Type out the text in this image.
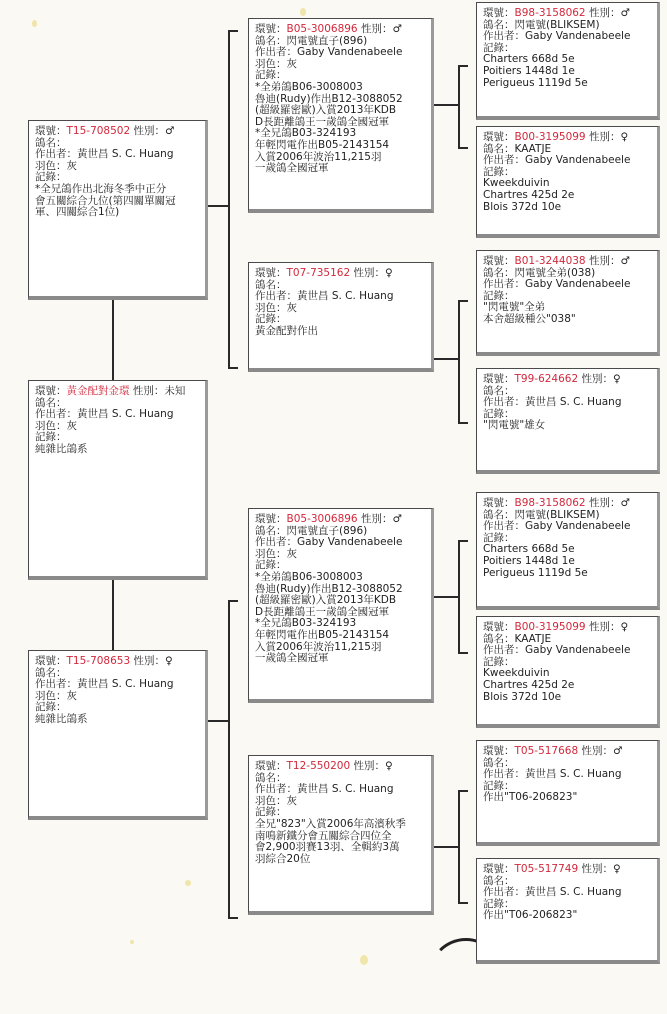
環號：T15-708502 性別：♂
鴿名：
作出者：黃世昌 S. C. Huang
羽色：灰
記錄：
*全兄鴿作出北海冬季中正分
會五關綜合九位(第四關單關冠
軍、四關綜合1位)
環號：黃金配對金環 性別：未知
鴿名：
作出者：黃世昌 S. C. Huang
羽色：灰
記錄：
純雜比鴿系
環號：T15-708653 性別：♀
鴿名：
作出者：黃世昌 S. C. Huang
羽色：灰
記錄：
純雜比鴿系
環號：B05-3006896 性別：♂
鴿名：閃電號直子(896)
作出者：Gaby Vandenabeele
羽色：灰
記錄：
*全弟鴿B06-3008003
魯迪(Rudy)作出B12-3088052
(超級羅密歐)入賞2013年KDB
D長距離鴿王一歲鴿全國冠軍
*全兄鴿B03-324193
年輕閃電作出B05-2143154
入賞2006年波治11,215羽
一歲鴿全國冠軍
環號：T07-735162 性別：♀
鴿名：
作出者：黃世昌 S. C. Huang
羽色：灰
記錄：
黃金配對作出
環號：B05-3006896 性別：♂
鴿名：閃電號直子(896)
作出者：Gaby Vandenabeele
羽色：灰
記錄：
*全弟鴿B06-3008003
魯迪(Rudy)作出B12-3088052
(超級羅密歐)入賞2013年KDB
D長距離鴿王一歲鴿全國冠軍
*全兄鴿B03-324193
年輕閃電作出B05-2143154
入賞2006年波治11,215羽
一歲鴿全國冠軍
環號：T12-550200 性別：♀
鴿名：
作出者：黃世昌 S. C. Huang
羽色：灰
記錄：
全兄"823"入賞2006年高濱秋季
南鳴新鐵分會五關綜合四位全
會2,900羽賽13羽、全輯約3萬
羽綜合20位
環號：B98-3158062 性別：♂
鴿名：閃電號(BLIKSEM)
作出者：Gaby Vandenabeele
記錄：
Charters 668d 5e
Poitiers 1448d 1e
Perigueus 1119d 5e
環號：B00-3195099 性別：♀
鴿名：KAATJE
作出者：Gaby Vandenabeele
記錄：
Kweekduivin
Chartres 425d 2e
Blois 372d 10e
環號：B01-3244038 性別：♂
鴿名：閃電號全弟(038)
作出者：Gaby Vandenabeele
記錄：
"閃電號"全弟
本舍超級種公"038"
環號：T99-624662 性別：♀
鴿名：
作出者：黃世昌 S. C. Huang
記錄：
"閃電號"雄女
環號：B98-3158062 性別：♂
鴿名：閃電號(BLIKSEM)
作出者：Gaby Vandenabeele
記錄：
Charters 668d 5e
Poitiers 1448d 1e
Perigueus 1119d 5e
環號：B00-3195099 性別：♀
鴿名：KAATJE
作出者：Gaby Vandenabeele
記錄：
Kweekduivin
Chartres 425d 2e
Blois 372d 10e
環號：T05-517668 性別：♂
鴿名：
作出者：黃世昌 S. C. Huang
記錄：
作出"T06-206823"
環號：T05-517749 性別：♀
鴿名：
作出者：黃世昌 S. C. Huang
記錄：
作出"T06-206823"
